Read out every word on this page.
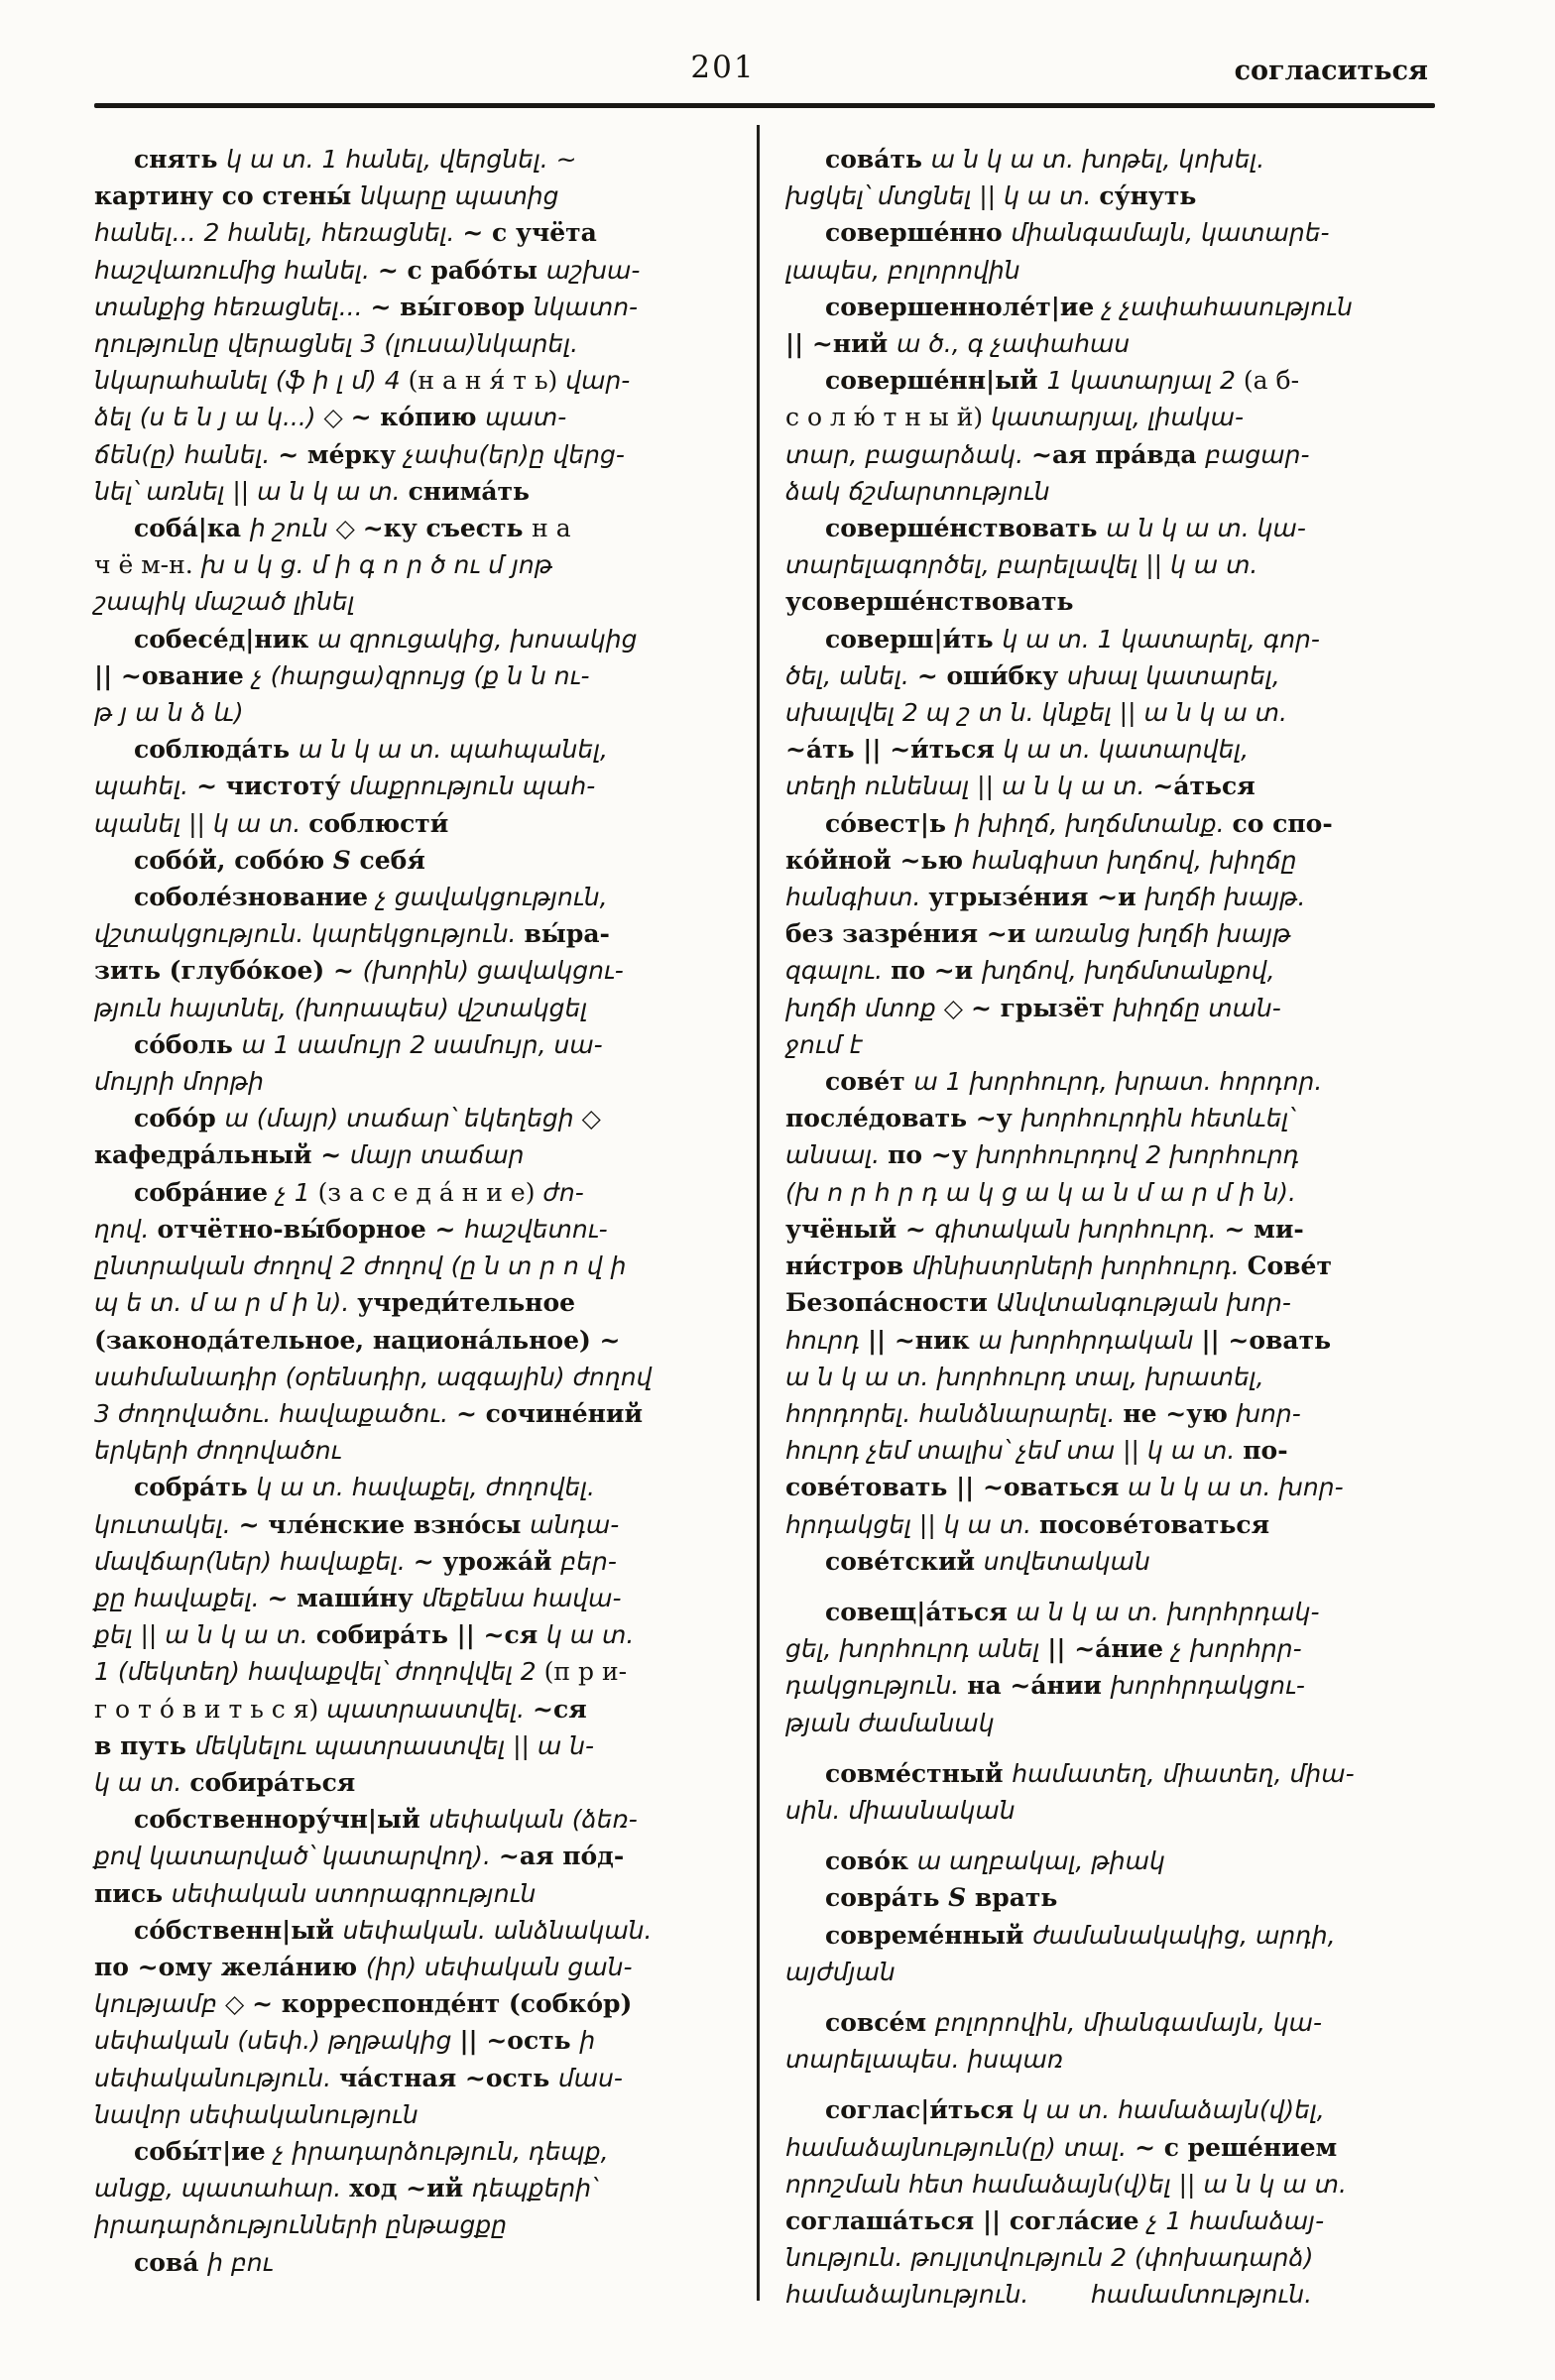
201	согласиться
снять կ ա տ. 1 հանել, վերցնել. ~
картину со стены́ նկարը պատից
հանել... 2 հանել, հեռացնել. ~ с учёта
հաշվառումից հանել. ~ с рабо́ты աշխա-
տանքից հեռացնել... ~ вы́говор նկատո-
ղությունը վերացնել 3 (լուսա)նկարել.
նկարահանել (ֆ ի լ մ) 4 (н а н я́ т ь) վար-
ձել (ս ե ն յ ա կ...) ◇ ~ ко́пию պատ-
ճեն(ը) հանել. ~ ме́рку չափս(եր)ը վերց-
նել՝ առնել || ա ն կ ա տ. снима́ть
соба́|ка ի շուն ◇ ~ку съесть н а
ч ё м-н. խ ս կ ց. մ ի գ ո ր ծ ու մ յոթ
շապիկ մաշած լինել
собесе́д|ник ա զրուցակից, խոսակից
|| ~ование չ (հարցա)զրույց (ք ն ն ու-
թ յ ա ն ձ և)
соблюда́ть ա ն կ ա տ. պահպանել,
պահել. ~ чистоту́ մաքրություն պահ-
պանել || կ ա տ. соблюсти́
собо́й, собо́ю S себя́
соболе́знование չ ցավակցություն,
վշտակցություն. կարեկցություն. вы́ра-
зить (глубо́кое) ~ (խորին) ցավակցու-
թյուն հայտնել, (խորապես) վշտակցել
со́боль ա 1 սամույր 2 սամույր, սա-
մույրի մորթի
собо́р ա (մայր) տաճար՝ եկեղեցի ◇
кафедра́льный ~ մայր տաճար
собра́ние չ 1 (з а с е д а́ н и е) ժո-
ղով. отчётно-вы́борное ~ հաշվետու-
ընտրական ժողով 2 ժողով (ը ն տ ր ո վ ի
պ ե տ. մ ա ր մ ի ն). учреди́тельное
(законода́тельное, национа́льное) ~
սահմանադիր (օրենսդիր, ազգային) ժողով
3 ժողովածու. հավաքածու. ~ сочине́ний
երկերի ժողովածու
собра́ть կ ա տ. հավաքել, ժողովել.
կուտակել. ~ чле́нские взно́сы անդա-
մավճար(ներ) հավաքել. ~ урожа́й բեր-
քը հավաքել. ~ маши́ну մեքենա հավա-
քել || ա ն կ ա տ. собира́ть || ~ся կ ա տ.
1 (մեկտեղ) հավաքվել՝ ժողովվել 2 (п р и-
г о т о́ в и т ь с я) պատրաստվել. ~ся
в путь մեկնելու պատրաստվել || ա ն-
կ ա տ. собира́ться
собственнору́чн|ый սեփական (ձեռ-
քով կատարված՝ կատարվող). ~ая по́д-
пись սեփական ստորագրություն
со́бственн|ый սեփական. անձնական.
по ~ому жела́нию (իր) սեփական ցան-
կությամբ ◇ ~ корреспонде́нт (собко́р)
սեփական (սեփ.) թղթակից || ~ость ի
սեփականություն. ча́стная ~ость մաս-
նավոր սեփականություն
собы́т|ие չ իրադարձություն, դեպք,
անցք, պատահար. ход ~ий դեպքերի՝
իրադարձությունների ընթացքը
сова́ ի բու
сова́ть ա ն կ ա տ. խոթել, կոխել.
խցկել՝ մտցնել || կ ա տ. су́нуть
соверше́нно միանգամայն, կատարե-
լապես, բոլորովին
совершенноле́т|ие չ չափահասություն
|| ~ний ա ծ., գ չափահաս
соверше́нн|ый 1 կատարյալ 2 (а б-
с о л ю́ т н ы й) կատարյալ, լիակա-
տար, բացարձակ. ~ая пра́вда բացար-
ձակ ճշմարտություն
соверше́нствовать ա ն կ ա տ. կա-
տարելագործել, բարելավել || կ ա տ.
усоверше́нствовать
соверш|и́ть կ ա տ. 1 կատարել, գոր-
ծել, անել. ~ оши́бку սխալ կատարել,
սխալվել 2 պ շ տ ն. կնքել || ա ն կ ա տ.
~а́ть || ~и́ться կ ա տ. կատարվել,
տեղի ունենալ || ա ն կ ա տ. ~а́ться
со́вест|ь ի խիղճ, խղճմտանք. со спо-
ко́йной ~ью հանգիստ խղճով, խիղճը
հանգիստ. угрызе́ния ~и խղճի խայթ.
без зазре́ния ~и առանց խղճի խայթ
զգալու. по ~и խղճով, խղճմտանքով,
խղճի մտոք ◇ ~ грызёт խիղճը տան-
ջում է
сове́т ա 1 խորհուրդ, խրատ. հորդոր.
после́довать ~у խորհուրդին հետևել՝
անսալ. по ~у խորհուրդով 2 խորհուրդ
(խ ո ր հ ր դ ա կ ց ա կ ա ն մ ա ր մ ի ն).
учёный ~ գիտական խորհուրդ. ~ ми-
ни́стров մինիստրների խորհուրդ. Сове́т
Безопа́сности Անվտանգության խոր-
հուրդ || ~ник ա խորհրդական || ~овать
ա ն կ ա տ. խորհուրդ տալ, խրատել,
հորդորել. հանձնարարել. не ~ую խոր-
հուրդ չեմ տալիս՝ չեմ տա || կ ա տ. по-
сове́товать || ~оваться ա ն կ ա տ. խոր-
հրդակցել || կ ա տ. посове́товаться
сове́тский սովետական
совещ|а́ться ա ն կ ա տ. խորհրդակ-
ցել, խորհուրդ անել || ~а́ние չ խորհրր-
դակցություն. на ~а́нии խորհրդակցու-
թյան ժամանակ
совме́стный համատեղ, միատեղ, միա-
սին. միասնական
сово́к ա աղբակալ, թիակ
совра́ть S врать
совреме́нный ժամանակակից, արդի,
այժմյան
совсе́м բոլորովին, միանգամայն, կա-
տարելապես. իսպառ
соглас|и́ться կ ա տ. համաձայն(վ)ել,
համաձայնություն(ը) տալ. ~ с реше́нием
որոշման հետ համաձայն(վ)ել || ա ն կ ա տ.
соглаша́ться || согла́сие չ 1 համաձայ-
նություն. թույլտվություն 2 (փոխադարձ)
համաձայնություն.   համամտություն.
